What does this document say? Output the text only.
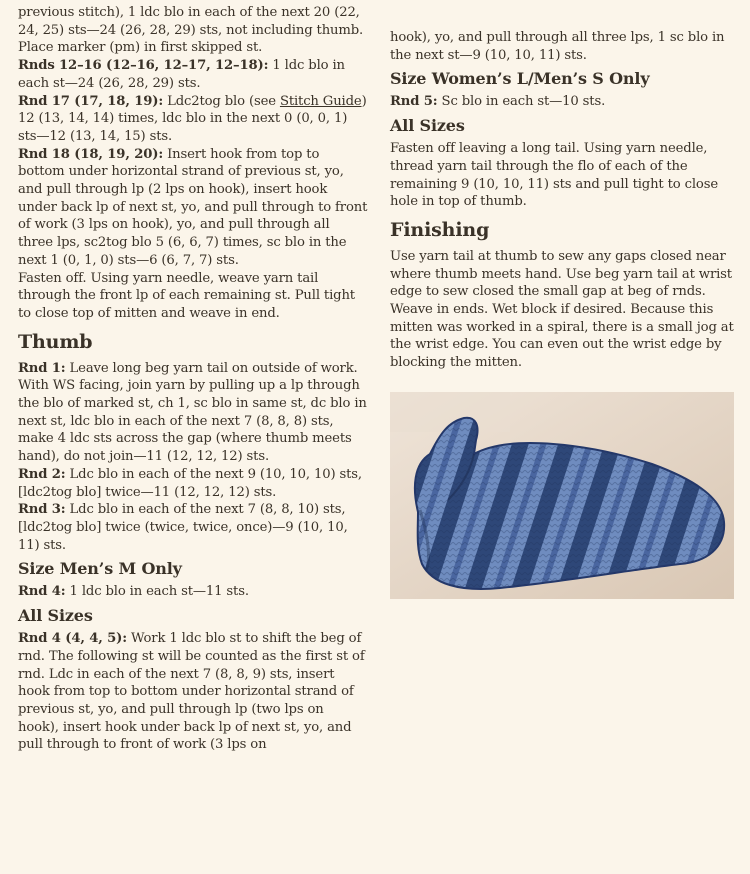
previous stitch), 1 ldc blo in each of the next 20 (22, 24, 25) sts—24 (26, 28, 29) sts, not including thumb. Place marker (pm) in first skipped st.

Rnds 12–16 (12–16, 12–17, 12–18): 1 ldc blo in each st—24 (26, 28, 29) sts.

Rnd 17 (17, 18, 19): Ldc2tog blo (see Stitch Guide) 12 (13, 14, 14) times, ldc blo in the next 0 (0, 0, 1) sts—12 (13, 14, 15) sts.

Rnd 18 (18, 19, 20): Insert hook from top to bottom under horizontal strand of previous st, yo, and pull through lp (2 lps on hook), insert hook under back lp of next st, yo, and pull through to front of work (3 lps on hook), yo, and pull through all three lps, sc2tog blo 5 (6, 6, 7) times, sc blo in the next 1 (0, 1, 0) sts—6 (6, 7, 7) sts.

Fasten off. Using yarn needle, weave yarn tail through the front lp of each remaining st. Pull tight to close top of mitten and weave in end.

Thumb

Rnd 1: Leave long beg yarn tail on outside of work. With WS facing, join yarn by pulling up a lp through the blo of marked st, ch 1, sc blo in same st, dc blo in next st, ldc blo in each of the next 7 (8, 8, 8) sts, make 4 ldc sts across the gap (where thumb meets hand), do not join—11 (12, 12, 12) sts.

Rnd 2: Ldc blo in each of the next 9 (10, 10, 10) sts, [ldc2tog blo] twice—11 (12, 12, 12) sts.

Rnd 3: Ldc blo in each of the next 7 (8, 8, 10) sts, [ldc2tog blo] twice (twice, twice, once)—9 (10, 10, 11) sts.

Size Men’s M Only

Rnd 4: 1 ldc blo in each st—11 sts.

All Sizes

Rnd 4 (4, 4, 5): Work 1 ldc blo st to shift the beg of rnd. The following st will be counted as the first st of rnd. Ldc in each of the next 7 (8, 8, 9) sts, insert hook from top to bottom under horizontal strand of previous st, yo, and pull through lp (two lps on hook), insert hook under back lp of next st, yo, and pull through to front of work (3 lps on

hook), yo, and pull through all three lps, 1 sc blo in the next st—9 (10, 10, 11) sts.

Size Women’s L/Men’s S Only

Rnd 5: Sc blo in each st—10 sts.

All Sizes

Fasten off leaving a long tail. Using yarn needle, thread yarn tail through the flo of each of the remaining 9 (10, 10, 11) sts and pull tight to close hole in top of thumb.

Finishing

Use yarn tail at thumb to sew any gaps closed near where thumb meets hand. Use beg yarn tail at wrist edge to sew closed the small gap at beg of rnds. Weave in ends. Wet block if desired. Because this mitten was worked in a spiral, there is a small jog at the wrist edge. You can even out the wrist edge by blocking the mitten.
